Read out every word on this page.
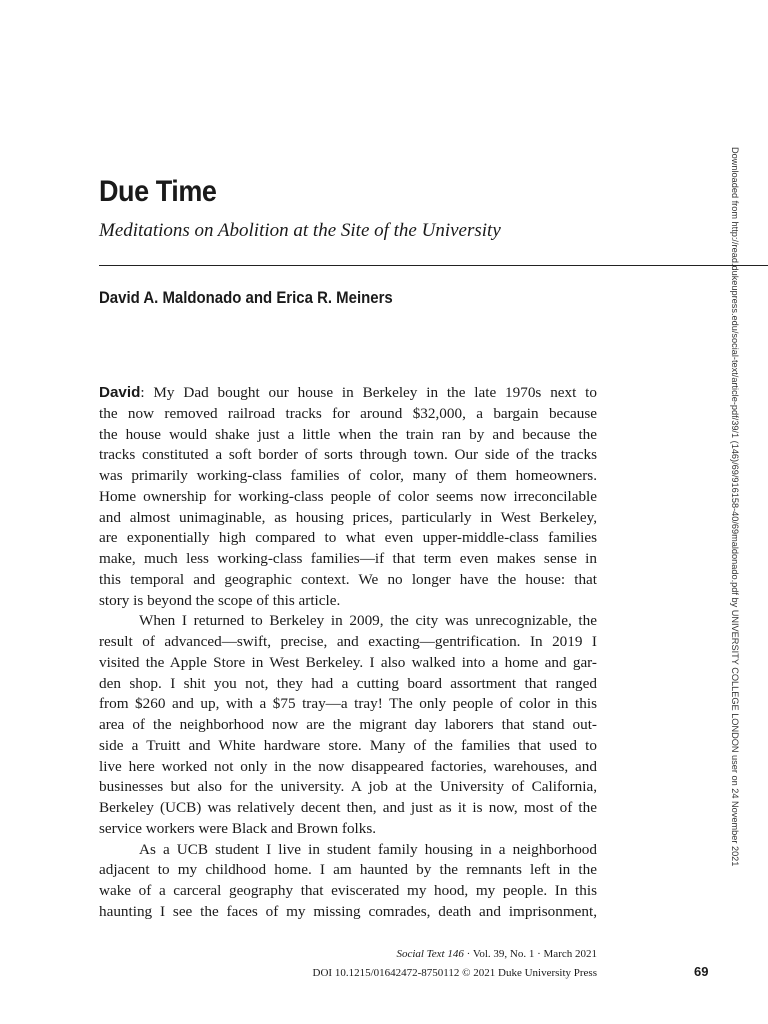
Due Time
Meditations on Abolition at the Site of the University
David A. Maldonado and Erica R. Meiners
David: My Dad bought our house in Berkeley in the late 1970s next to
the now removed railroad tracks for around $32,000, a bargain because
the house would shake just a little when the train ran by and because the
tracks constituted a soft border of sorts through town. Our side of the tracks
was primarily working-class families of color, many of them homeowners.
Home ownership for working-class people of color seems now irreconcilable
and almost unimaginable, as housing prices, particularly in West Berkeley,
are exponentially high compared to what even upper-middle-class families
make, much less working-class families—if that term even makes sense in
this temporal and geographic context. We no longer have the house: that
story is beyond the scope of this article.
When I returned to Berkeley in 2009, the city was unrecognizable, the
result of advanced—swift, precise, and exacting—gentrification. In 2019 I
visited the Apple Store in West Berkeley. I also walked into a home and gar-
den shop. I shit you not, they had a cutting board assortment that ranged
from $260 and up, with a $75 tray—a tray! The only people of color in this
area of the neighborhood now are the migrant day laborers that stand out-
side a Truitt and White hardware store. Many of the families that used to
live here worked not only in the now disappeared factories, warehouses, and
businesses but also for the university. A job at the University of California,
Berkeley (UCB) was relatively decent then, and just as it is now, most of the
service workers were Black and Brown folks.
As a UCB student I live in student family housing in a neighborhood
adjacent to my childhood home. I am haunted by the remnants left in the
wake of a carceral geography that eviscerated my hood, my people. In this
haunting I see the faces of my missing comrades, death and imprisonment,
Social Text 146 · Vol. 39, No. 1 · March 2021
DOI 10.1215/01642472-8750112 © 2021 Duke University Press	69
Downloaded from http://read.dukeupress.edu/social-text/article-pdf/39/1 (146)/69/916158-40/69maldonado.pdf by UNIVERSITY COLLEGE LONDON user on 24 November 2021
